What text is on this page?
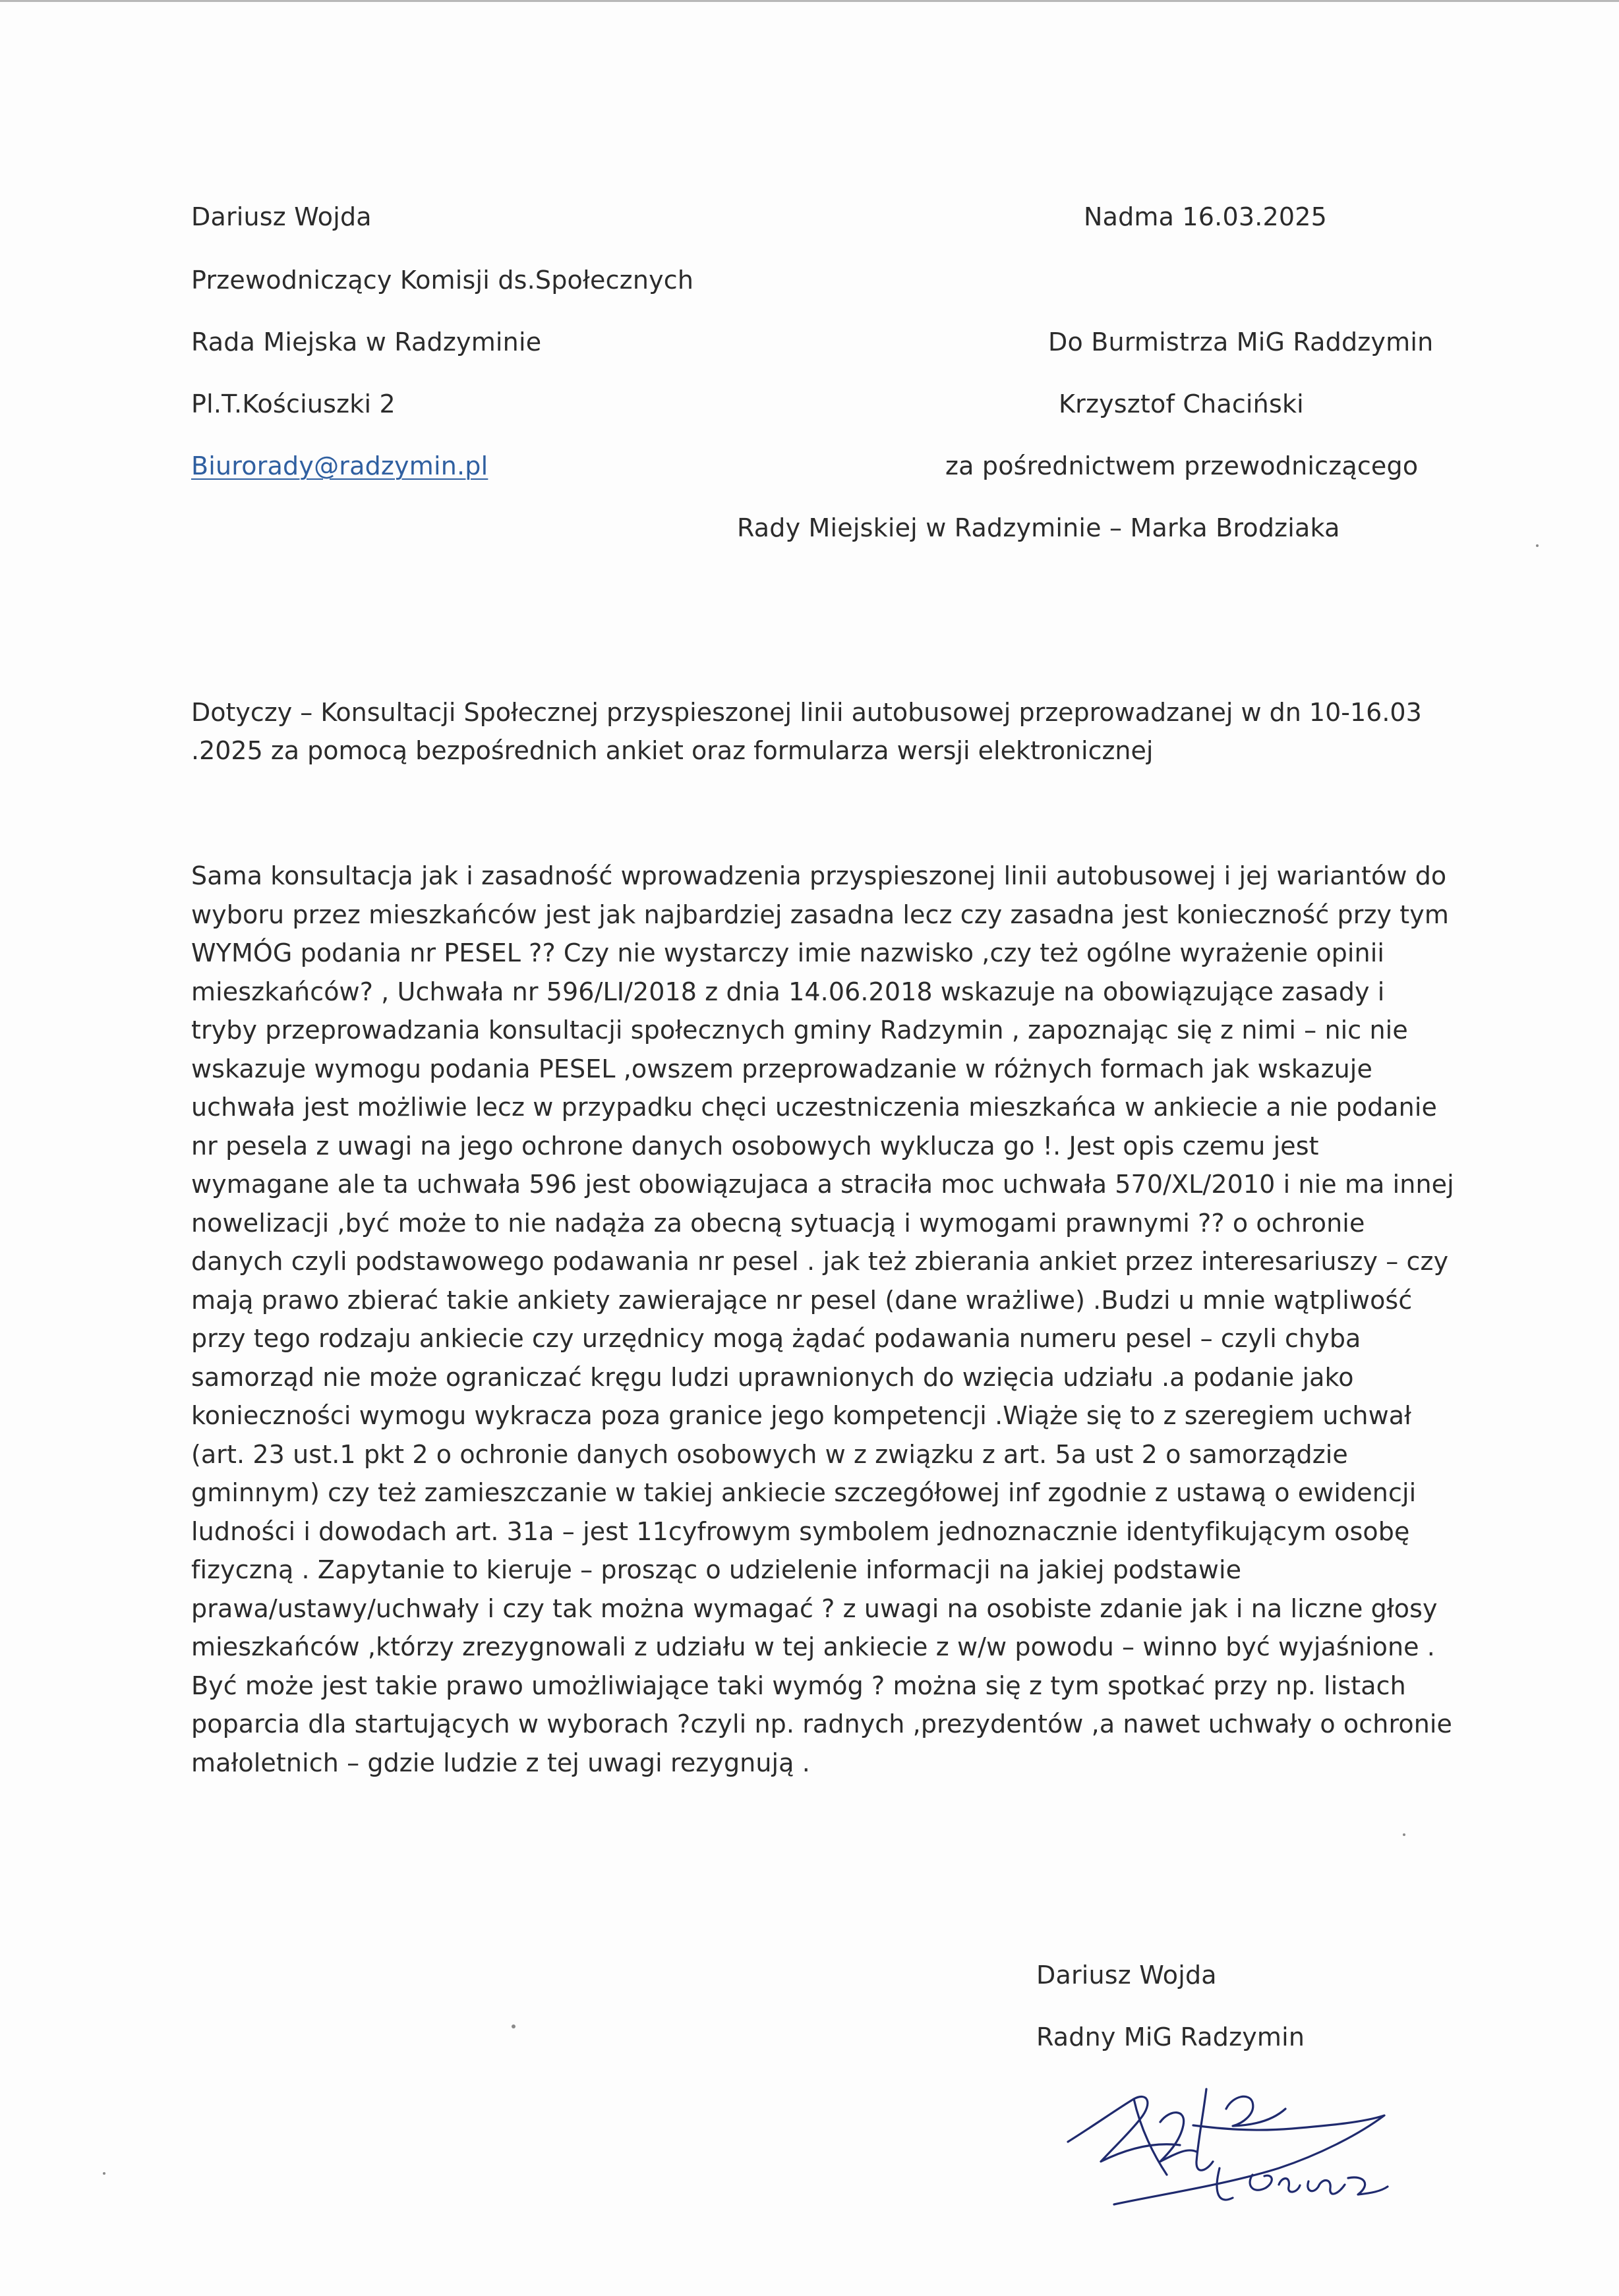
Dariusz Wojda
Przewodniczący Komisji ds.Społecznych
Rada Miejska w Radzyminie
Pl.T.Kościuszki 2
Biurorady@radzymin.pl
Nadma 16.03.2025
Do Burmistrza MiG Raddzymin
Krzysztof Chaciński
za pośrednictwem przewodniczącego
Rady Miejskiej w Radzyminie – Marka Brodziaka
Dotyczy – Konsultacji Społecznej przyspieszonej linii autobusowej przeprowadzanej w dn 10-16.03
.2025 za pomocą bezpośrednich ankiet oraz formularza wersji elektronicznej

Sama konsultacja jak i zasadność wprowadzenia przyspieszonej linii autobusowej i jej wariantów do wyboru przez mieszkańców jest jak najbardziej zasadna lecz czy zasadna jest konieczność przy tym WYMÓG podania nr PESEL ?? Czy nie wystarczy imie nazwisko ,czy też ogólne wyrażenie opinii mieszkańców? , Uchwała nr 596/LI/2018 z dnia 14.06.2018 wskazuje na obowiązujące zasady i tryby przeprowadzania konsultacji społecznych gminy Radzymin , zapoznając się z nimi – nic nie wskazuje wymogu podania PESEL ,owszem przeprowadzanie w różnych formach jak wskazuje uchwała jest możliwie lecz w przypadku chęci uczestniczenia mieszkańca w ankiecie a nie podanie nr pesela z uwagi na jego ochrone danych osobowych wyklucza go !. Jest opis czemu jest wymagane ale ta uchwała 596 jest obowiązujaca a straciła moc uchwała 570/XL/2010 i nie ma innej nowelizacji ,być może to nie nadąża za obecną sytuacją i wymogami prawnymi ?? o ochronie danych czyli podstawowego podawania nr pesel . jak też zbierania ankiet przez interesariuszy – czy mają prawo zbierać takie ankiety zawierające nr pesel (dane wrażliwe) .Budzi u mnie wątpliwość przy tego rodzaju ankiecie czy urzędnicy mogą żądać podawania numeru pesel – czyli chyba samorząd nie może ograniczać kręgu ludzi uprawnionych do wzięcia udziału .a podanie jako konieczności wymogu wykracza poza granice jego kompetencji .Wiąże się to z szeregiem uchwał (art. 23 ust.1 pkt 2 o ochronie danych osobowych w z związku z art. 5a ust 2 o samorządzie gminnym) czy też zamieszczanie w takiej ankiecie szczegółowej inf zgodnie z ustawą o ewidencji ludności i dowodach art. 31a – jest 11cyfrowym symbolem jednoznacznie identyfikującym osobę fizyczną . Zapytanie to kieruje – prosząc o udzielenie informacji na jakiej podstawie prawa/ustawy/uchwały i czy tak można wymagać ? z uwagi na osobiste zdanie jak i na liczne głosy mieszkańców ,którzy zrezygnowali z udziału w tej ankiecie z w/w powodu – winno być wyjaśnione . Być może jest takie prawo umożliwiające taki wymóg ? można się z tym spotkać przy np. listach poparcia dla startujących w wyborach ?czyli np. radnych ,prezydentów ,a nawet uchwały o ochronie małoletnich – gdzie ludzie z tej uwagi rezygnują .

Dariusz Wojda
Radny MiG Radzymin
